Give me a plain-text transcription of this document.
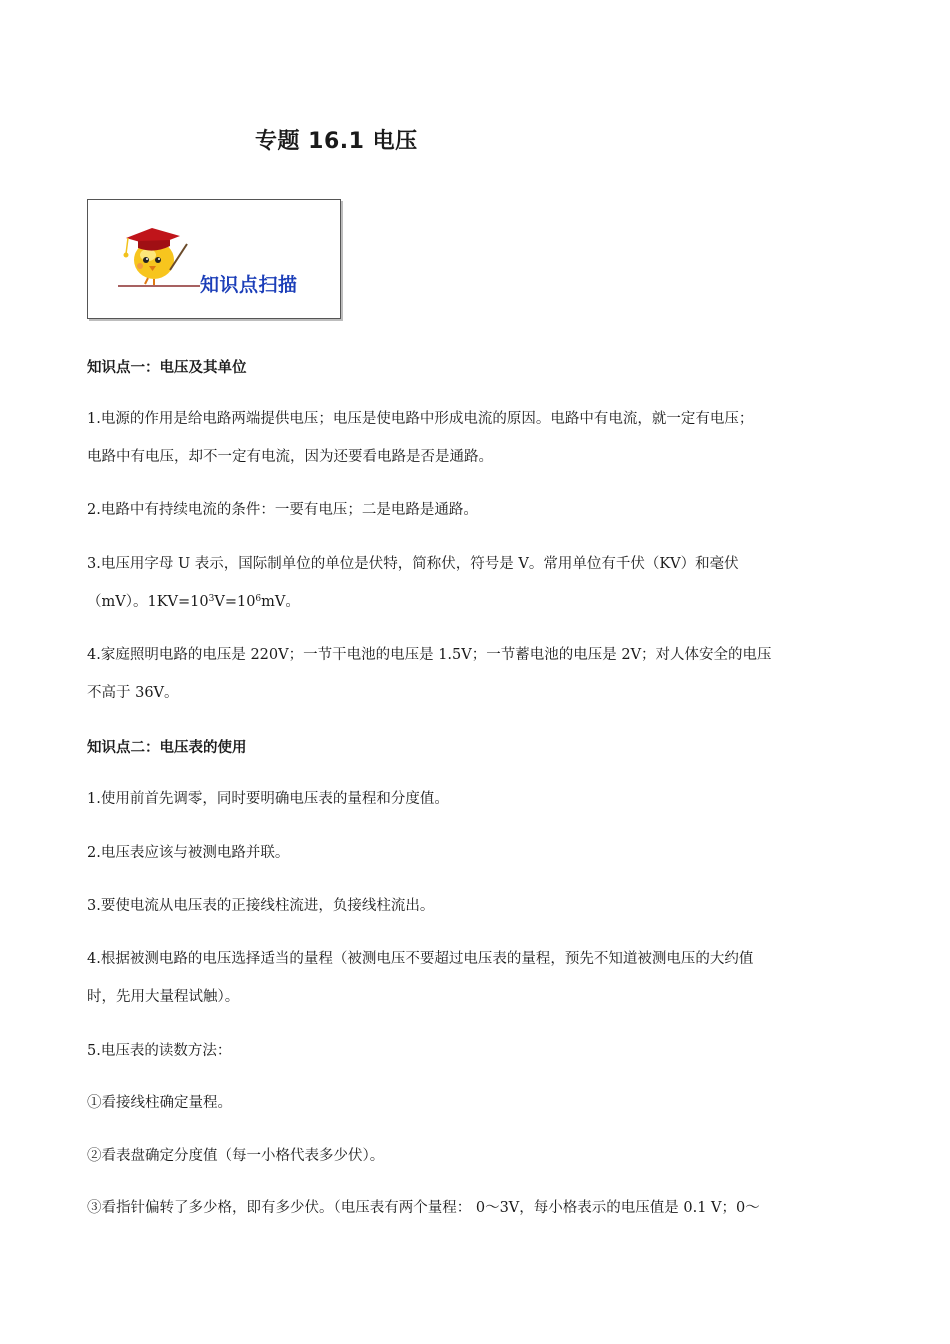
专题 16.1 电压
知识点扫描
知识点一：电压及其单位

1.电源的作用是给电路两端提供电压；电压是使电路中形成电流的原因。电路中有电流，就一定有电压；
电路中有电压，却不一定有电流，因为还要看电路是否是通路。

2.电路中有持续电流的条件：一要有电压；二是电路是通路。

3.电压用字母 U 表示，国际制单位的单位是伏特，简称伏，符号是 V。常用单位有千伏（KV）和毫伏
（mV）。$1KV=10^3V=10^6mV$。

4.家庭照明电路的电压是 220V；一节干电池的电压是 1.5V；一节蓄电池的电压是 2V；对人体安全的电压
不高于 36V。

知识点二：电压表的使用

1.使用前首先调零，同时要明确电压表的量程和分度值。

2.电压表应该与被测电路并联。

3.要使电流从电压表的正接线柱流进，负接线柱流出。

4.根据被测电路的电压选择适当的量程（被测电压不要超过电压表的量程，预先不知道被测电压的大约值
时，先用大量程试触）。

5.电压表的读数方法：

①看接线柱确定量程。

②看表盘确定分度值（每一小格代表多少伏）。

③看指针偏转了多少格，即有多少伏。（电压表有两个量程： 0～3V，每小格表示的电压值是 0.1 V；0～
